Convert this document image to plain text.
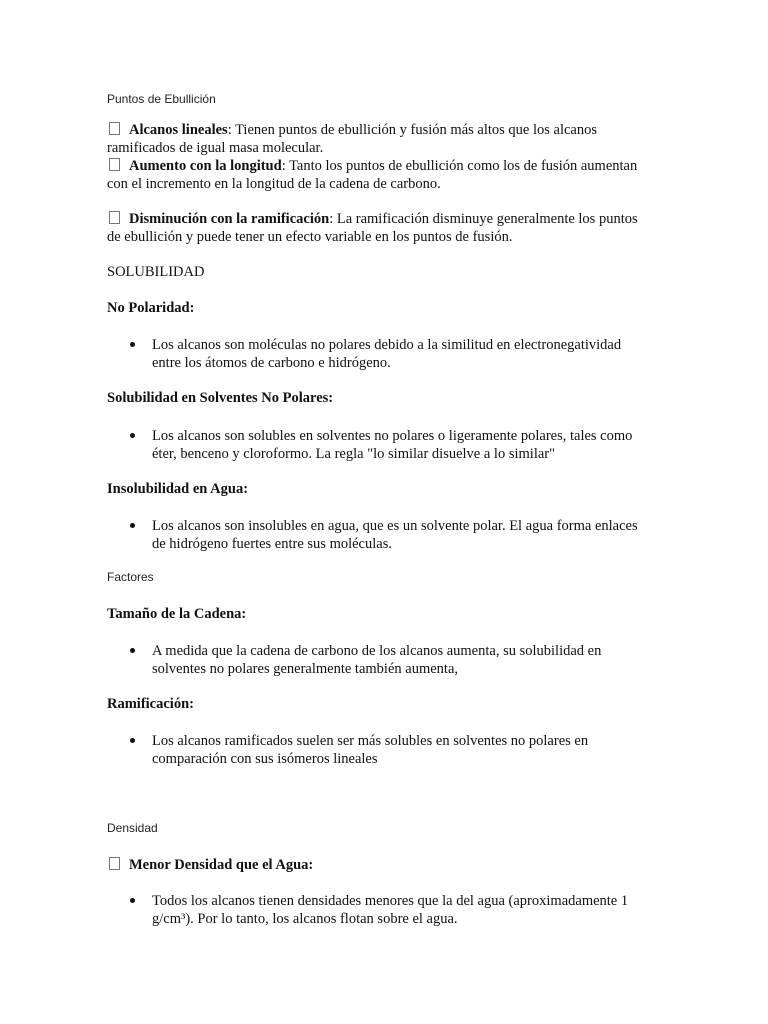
Puntos de Ebullición
Alcanos lineales: Tienen puntos de ebullición y fusión más altos que los alcanos
ramificados de igual masa molecular.
Aumento con la longitud: Tanto los puntos de ebullición como los de fusión aumentan
con el incremento en la longitud de la cadena de carbono.
Disminución con la ramificación: La ramificación disminuye generalmente los puntos
de ebullición y puede tener un efecto variable en los puntos de fusión.
SOLUBILIDAD
No Polaridad:
Los alcanos son moléculas no polares debido a la similitud en electronegatividad
entre los átomos de carbono e hidrógeno.
Solubilidad en Solventes No Polares:
Los alcanos son solubles en solventes no polares o ligeramente polares, tales como
éter, benceno y cloroformo. La regla "lo similar disuelve a lo similar"
Insolubilidad en Agua:
Los alcanos son insolubles en agua, que es un solvente polar. El agua forma enlaces
de hidrógeno fuertes entre sus moléculas.
Factores
Tamaño de la Cadena:
A medida que la cadena de carbono de los alcanos aumenta, su solubilidad en
solventes no polares generalmente también aumenta,
Ramificación:
Los alcanos ramificados suelen ser más solubles en solventes no polares en
comparación con sus isómeros lineales
Densidad
Menor Densidad que el Agua:
Todos los alcanos tienen densidades menores que la del agua (aproximadamente 1
g/cm³). Por lo tanto, los alcanos flotan sobre el agua.
